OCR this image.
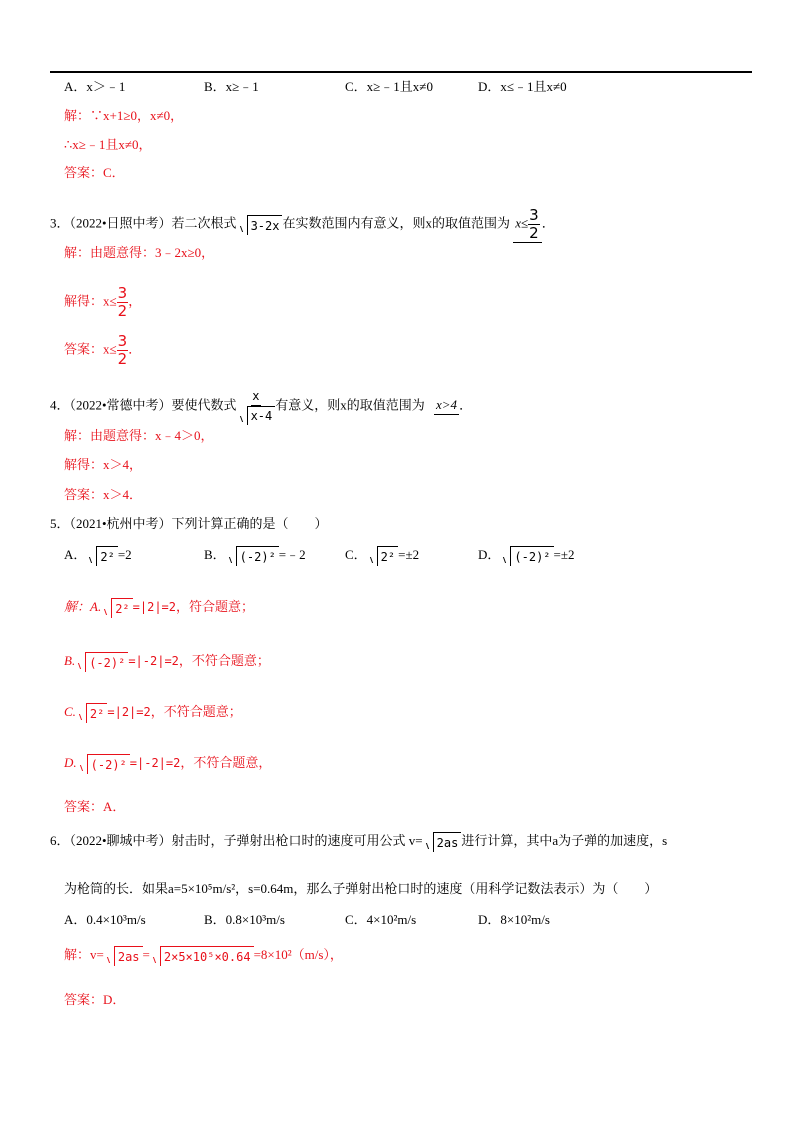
A．x＞﹣1	B．x≥﹣1	C．x≥﹣1且x≠0	D．x≤﹣1且x≠0
解：∵x+1≥0，x≠0，
∴x≥﹣1且x≠0，
答案：C．
3．（2022•日照中考）若二次根式 3-2x 在实数范围内有意义，则x的取值范围为 $x\le \frac{3}{2}$ ．
解：由题意得：3﹣2x≥0，
解得：$x\le \frac{3}{2}$ ，
答案：$x\le \frac{3}{2}$ ．
4．（2022•常德中考）要使代数式 $\frac{x}{x-4}$ 有意义，则x的取值范围为 x>4 ．
解：由题意得：x﹣4＞0，
解得：x＞4，
答案：x＞4．
5．（2021•杭州中考）下列计算正确的是（　　）
A． 2² =2	B． (-2)² =﹣2	C． 2² =±2	D． (-2)² =±2
解：A. 2² =|2|=2，符合题意；
B. (-2)² =|-2|=2，不符合题意；
C. 2² =|2|=2，不符合题意；
D. (-2)² =|-2|=2，不符合题意，
答案：A．
6．（2022•聊城中考）射击时，子弹射出枪口时的速度可用公式 v= 2as 进行计算，其中a为子弹的加速度，s
为枪筒的长．如果a=5×10⁵m/s²，s=0.64m，那么子弹射出枪口时的速度（用科学记数法表示）为（　　）
A．0.4×10³m/s	B．0.8×10³m/s	C．4×10²m/s	D．8×10²m/s
解：v= 2as = 2×5×10⁵×0.64 =8×10²（m/s），
答案：D．
